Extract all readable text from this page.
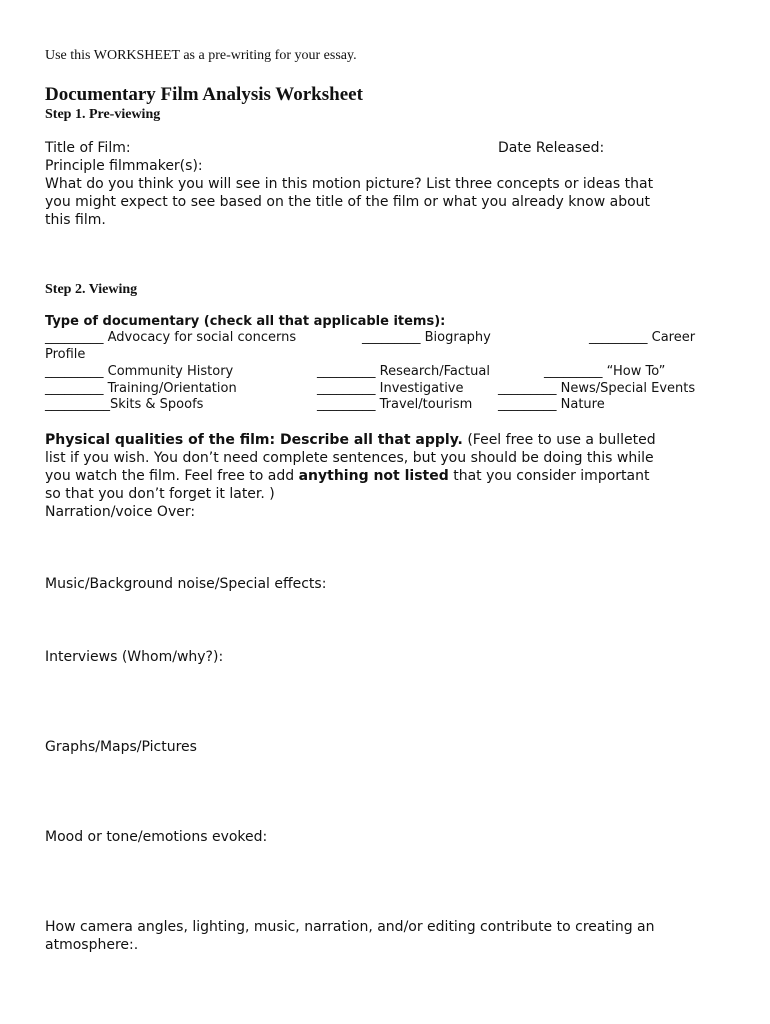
Use this WORKSHEET as a pre-writing for your essay.
Documentary Film Analysis Worksheet
Step 1. Pre-viewing
Title of Film:	Date Released:
Principle filmmaker(s):
What do you think you will see in this motion picture? List three concepts or ideas that
you might expect to see based on the title of the film or what you already know about
this film.
Step 2. Viewing
Type of documentary (check all that applicable items):
_________ Advocacy for social concerns	_________ Biography	_________ Career
Profile
_________ Community History	_________ Research/Factual	_________ “How To”
_________ Training/Orientation	_________ Investigative	_________ News/Special Events
__________Skits & Spoofs	_________ Travel/tourism _________ Nature
Physical qualities of the film: Describe all that apply. (Feel free to use a bulleted
list if you wish. You don’t need complete sentences, but you should be doing this while
you watch the film. Feel free to add anything not listed that you consider important
so that you don’t forget it later. )
Narration/voice Over:
Music/Background noise/Special effects:
Interviews (Whom/why?):
Graphs/Maps/Pictures
Mood or tone/emotions evoked:
How camera angles, lighting, music, narration, and/or editing contribute to creating an
atmosphere:.
